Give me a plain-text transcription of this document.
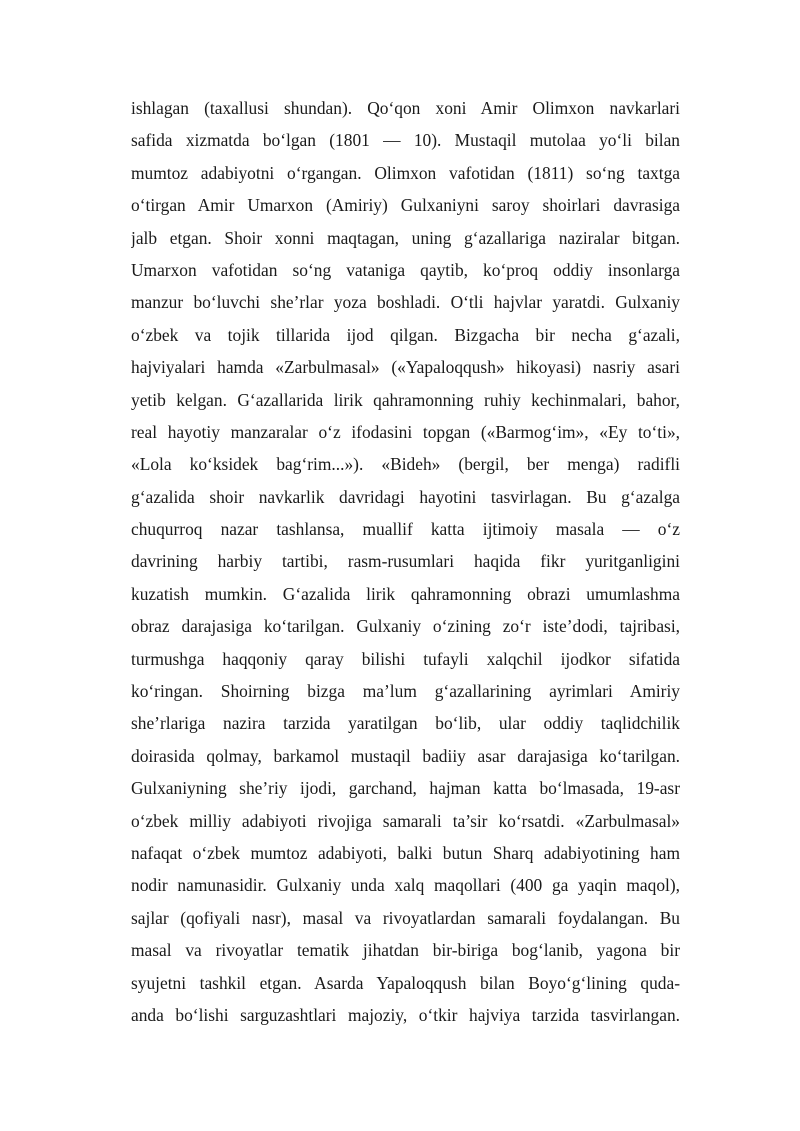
ishlagan (taxallusi shundan). Qo‘qon xoni Amir Olimxon navkarlari
safida xizmatda bo‘lgan (1801 — 10). Mustaqil mutolaa yo‘li bilan
mumtoz adabiyotni o‘rgangan. Olimxon vafotidan (1811) so‘ng taxtga
o‘tirgan Amir Umarxon (Amiriy) Gulxaniyni saroy shoirlari davrasiga
jalb etgan. Shoir xonni maqtagan, uning g‘azallariga naziralar bitgan.
Umarxon vafotidan so‘ng vataniga qaytib, ko‘proq oddiy insonlarga
manzur bo‘luvchi she’rlar yoza boshladi. O‘tli hajvlar yaratdi. Gulxaniy
o‘zbek va tojik tillarida ijod qilgan. Bizgacha bir necha g‘azali,
hajviyalari hamda «Zarbulmasal» («Yapaloqqush» hikoyasi) nasriy asari
yetib kelgan. G‘azallarida lirik qahramonning ruhiy kechinmalari, bahor,
real hayotiy manzaralar o‘z ifodasini topgan («Barmog‘im», «Ey to‘ti»,
«Lola ko‘ksidek bag‘rim...»). «Bideh» (bergil, ber menga) radifli
g‘azalida shoir navkarlik davridagi hayotini tasvirlagan. Bu g‘azalga
chuqurroq nazar tashlansa, muallif katta ijtimoiy masala — o‘z
davrining harbiy tartibi, rasm-rusumlari haqida fikr yuritganligini
kuzatish mumkin. G‘azalida lirik qahramonning obrazi umumlashma
obraz darajasiga ko‘tarilgan. Gulxaniy o‘zining zo‘r iste’dodi, tajribasi,
turmushga haqqoniy qaray bilishi tufayli xalqchil ijodkor sifatida
ko‘ringan. Shoirning bizga ma’lum g‘azallarining ayrimlari Amiriy
she’rlariga nazira tarzida yaratilgan bo‘lib, ular oddiy taqlidchilik
doirasida qolmay, barkamol mustaqil badiiy asar darajasiga ko‘tarilgan.
Gulxaniyning she’riy ijodi, garchand, hajman katta bo‘lmasada, 19-asr
o‘zbek milliy adabiyoti rivojiga samarali ta’sir ko‘rsatdi. «Zarbulmasal»
nafaqat o‘zbek mumtoz adabiyoti, balki butun Sharq adabiyotining ham
nodir namunasidir. Gulxaniy unda xalq maqollari (400 ga yaqin maqol),
sajlar (qofiyali nasr), masal va rivoyatlardan samarali foydalangan. Bu
masal va rivoyatlar tematik jihatdan bir-biriga bog‘lanib, yagona bir
syujetni tashkil etgan. Asarda Yapaloqqush bilan Boyo‘g‘lining quda-
anda bo‘lishi sarguzashtlari majoziy, o‘tkir hajviya tarzida tasvirlangan.
